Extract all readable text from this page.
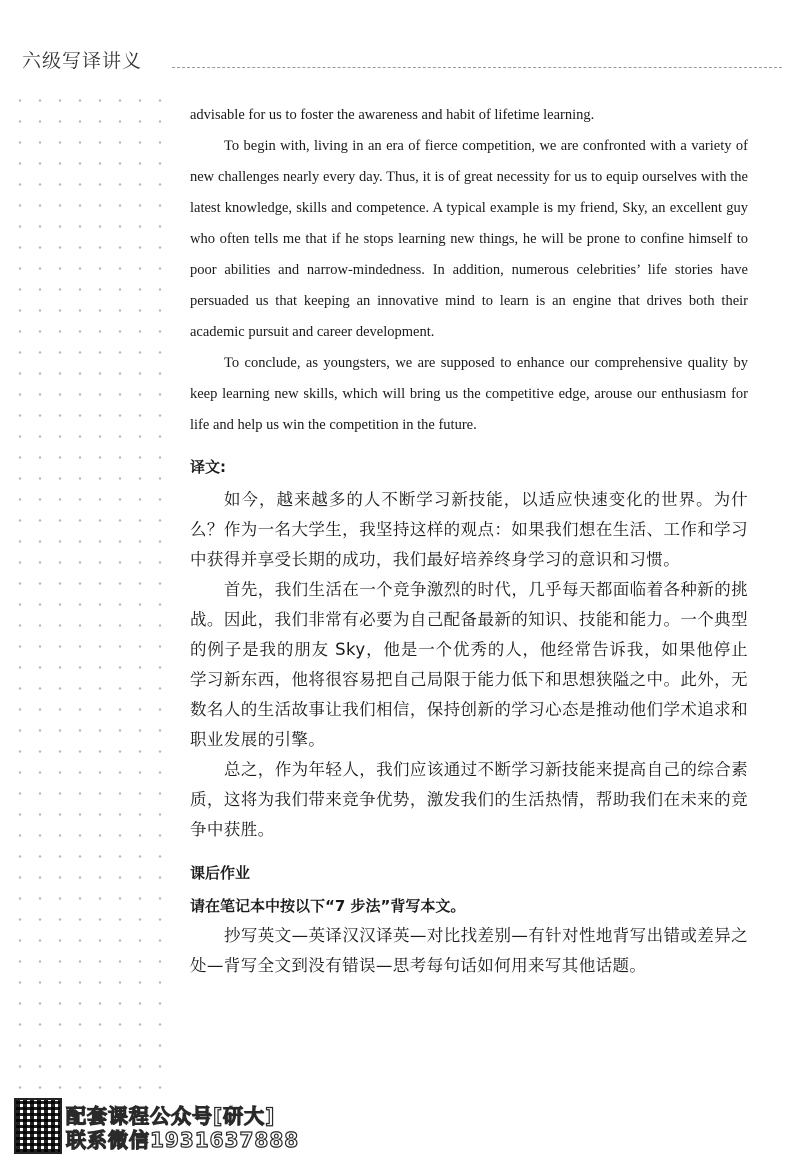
六级写译讲义

advisable for us to foster the awareness and habit of lifetime learning.

To begin with, living in an era of fierce competition, we are confronted with a variety of new challenges nearly every day. Thus, it is of great necessity for us to equip ourselves with the latest knowledge, skills and competence. A typical example is my friend, Sky, an excellent guy who often tells me that if he stops learning new things, he will be prone to confine himself to poor abilities and narrow-mindedness. In addition, numerous celebrities’ life stories have persuaded us that keeping an innovative mind to learn is an engine that drives both their academic pursuit and career development.

To conclude, as youngsters, we are supposed to enhance our comprehensive quality by keep learning new skills, which will bring us the competitive edge, arouse our enthusiasm for life and help us win the competition in the future.

译文:

如今，越来越多的人不断学习新技能，以适应快速变化的世界。为什么？作为一名大学生，我坚持这样的观点：如果我们想在生活、工作和学习中获得并享受长期的成功，我们最好培养终身学习的意识和习惯。

首先，我们生活在一个竞争激烈的时代，几乎每天都面临着各种新的挑战。因此，我们非常有必要为自己配备最新的知识、技能和能力。一个典型的例子是我的朋友 Sky，他是一个优秀的人，他经常告诉我，如果他停止学习新东西，他将很容易把自己局限于能力低下和思想狭隘之中。此外，无数名人的生活故事让我们相信，保持创新的学习心态是推动他们学术追求和职业发展的引擎。

总之，作为年轻人，我们应该通过不断学习新技能来提高自己的综合素质，这将为我们带来竞争优势，激发我们的生活热情，帮助我们在未来的竞争中获胜。

课后作业

请在笔记本中按以下“7 步法”背写本文。

抄写英文—英译汉汉译英—对比找差别—有针对性地背写出错或差异之处—背写全文到没有错误—思考每句话如何用来写其他话题。

配套课程公众号[研大]
联系微信1931637888
